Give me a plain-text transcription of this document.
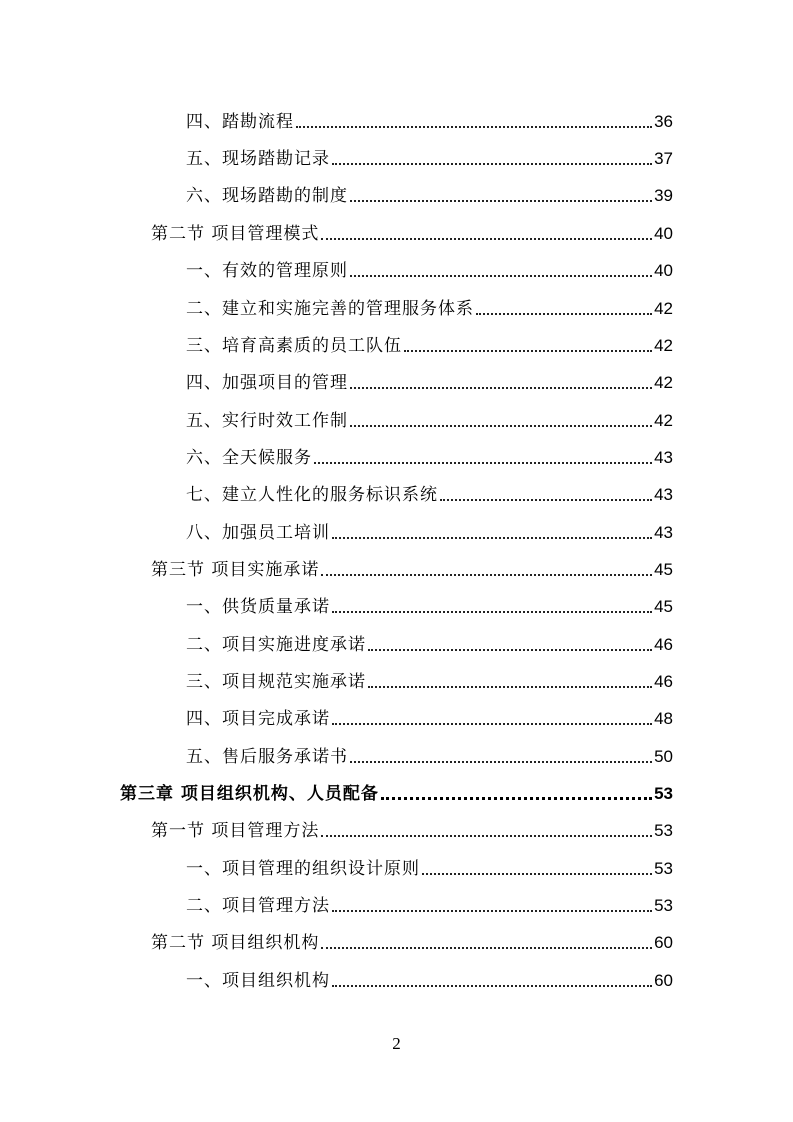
四、踏勘流程	36
五、现场踏勘记录	37
六、现场踏勘的制度	39
第二节 项目管理模式	40
一、有效的管理原则	40
二、建立和实施完善的管理服务体系	42
三、培育高素质的员工队伍	42
四、加强项目的管理	42
五、实行时效工作制	42
六、全天候服务	43
七、建立人性化的服务标识系统	43
八、加强员工培训	43
第三节 项目实施承诺	45
一、供货质量承诺	45
二、项目实施进度承诺	46
三、项目规范实施承诺	46
四、项目完成承诺	48
五、售后服务承诺书	50
第三章 项目组织机构、人员配备	53
第一节 项目管理方法	53
一、项目管理的组织设计原则	53
二、项目管理方法	53
第二节 项目组织机构	60
一、项目组织机构	60
2
